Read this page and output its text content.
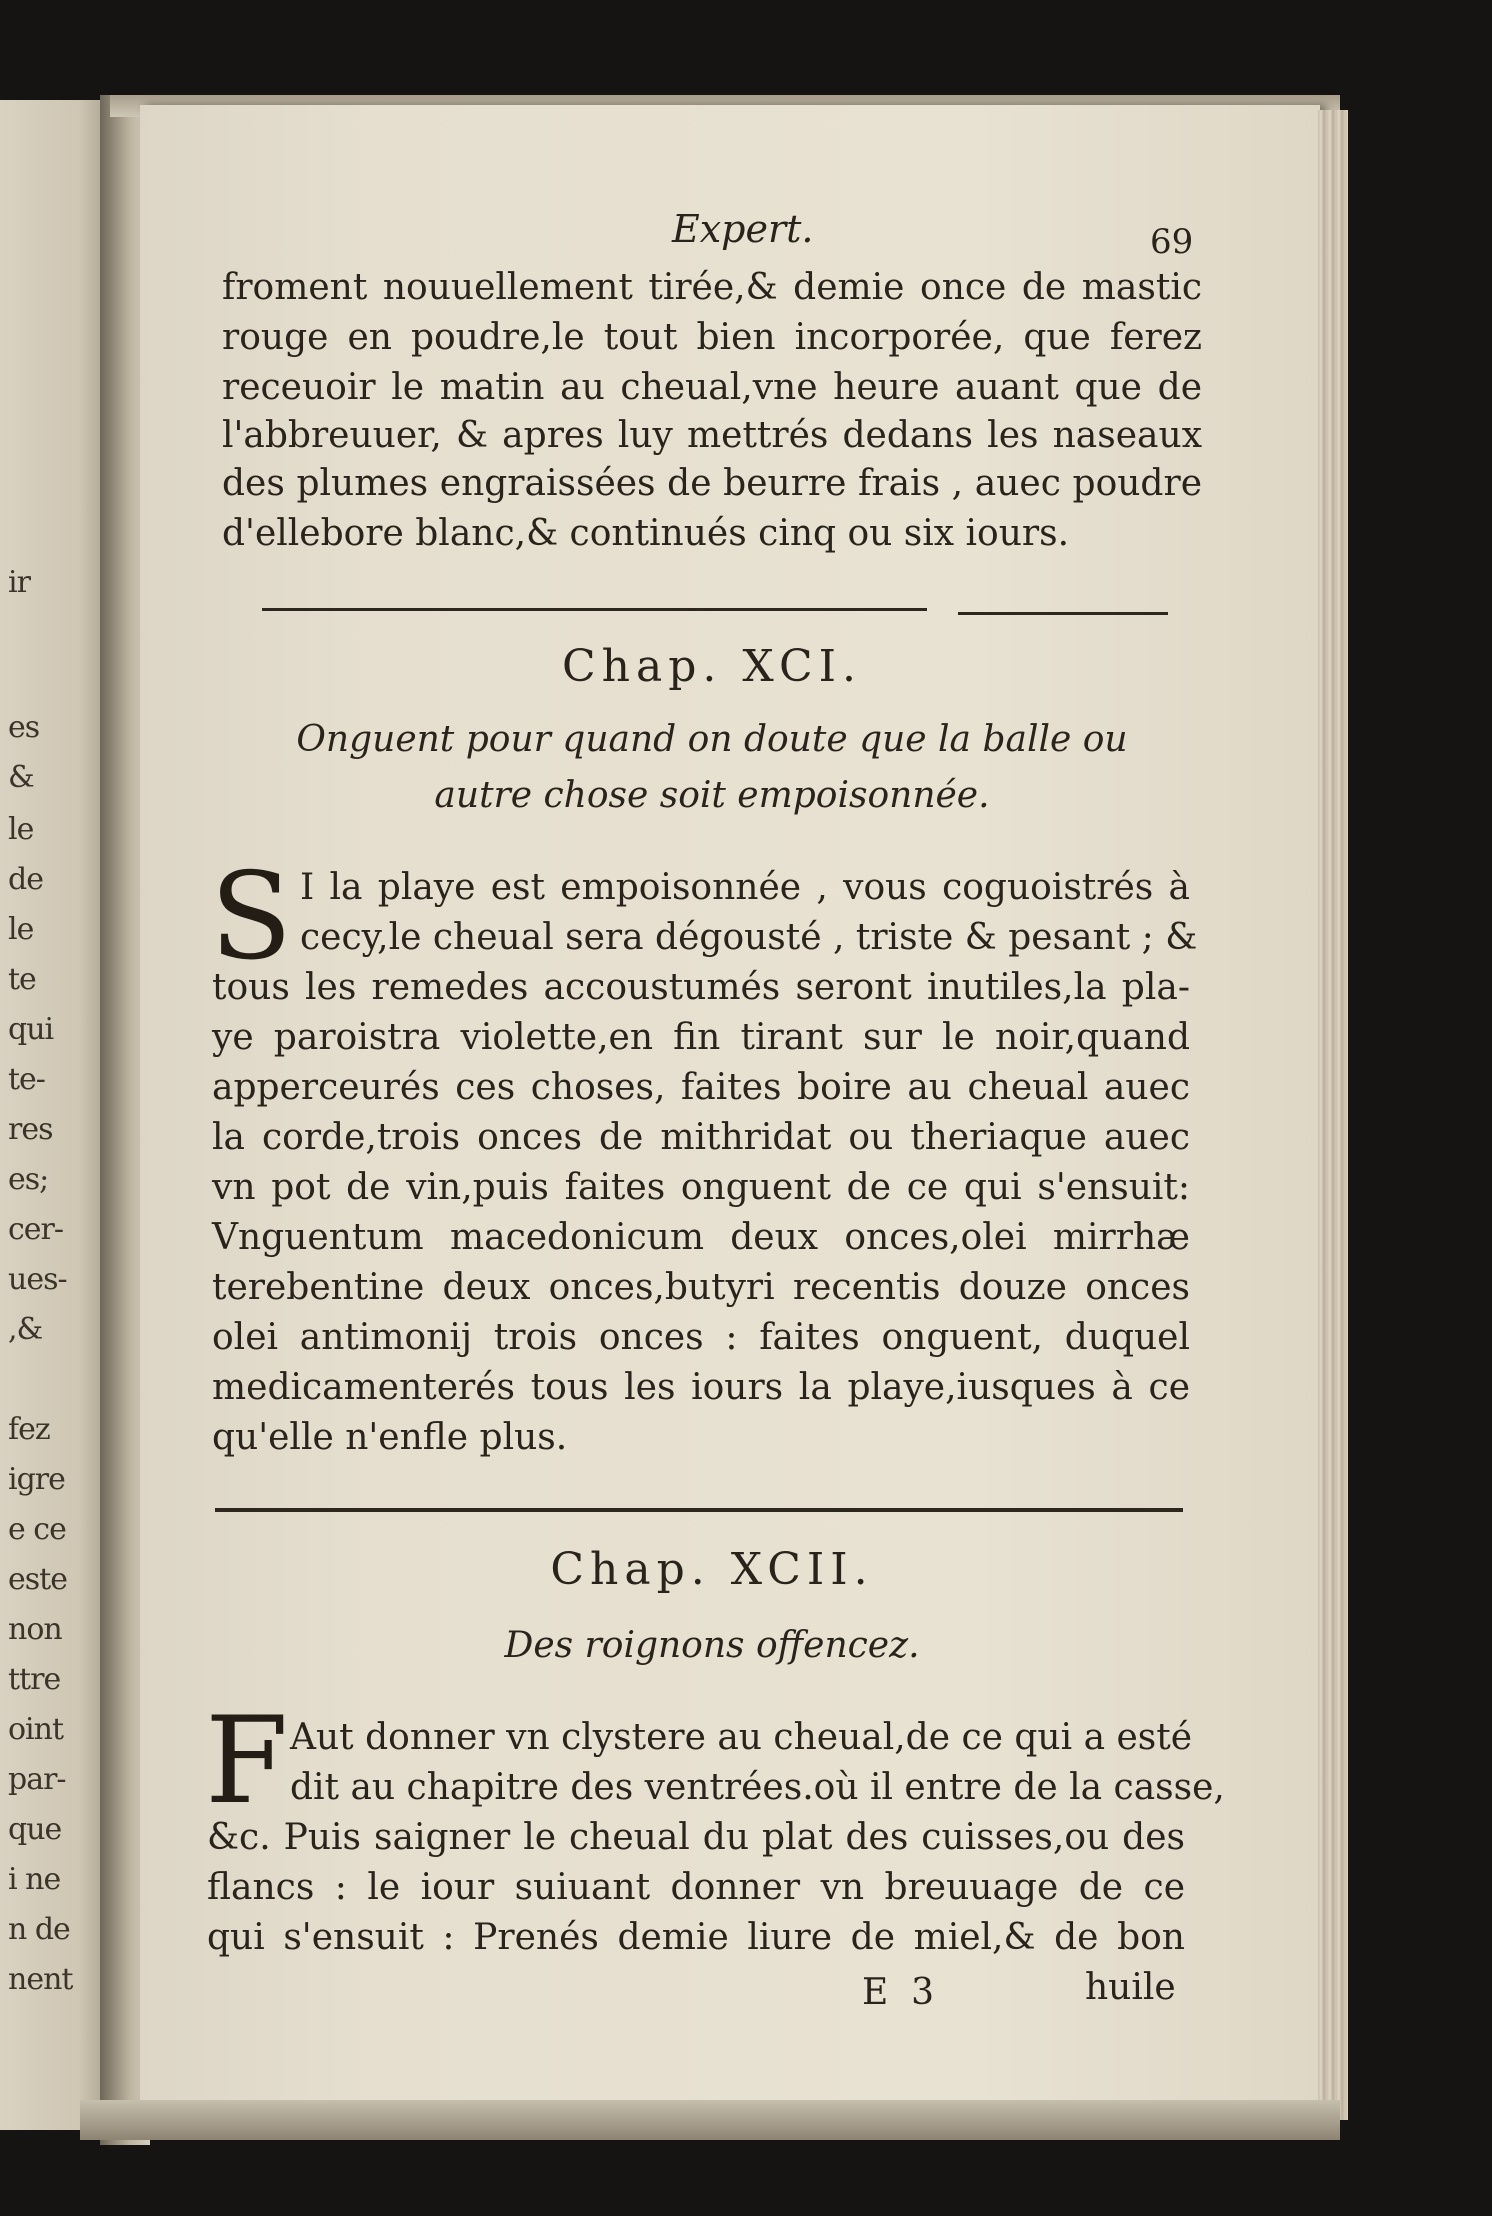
ir
es
&
le
de
le
te
qui
te-
res
es;
cer-
ues-
,&
fez
igre
e ce
este
non
ttre
oint
par-
que
i ne
n de
nent
Expert.	69
froment nouuellement tirée,& demie once de mastic
rouge en poudre,le tout bien incorporée, que ferez
receuoir le matin au cheual,vne heure auant que de
l'abbreuuer, & apres luy mettrés dedans les naseaux
des plumes engraissées de beurre frais , auec poudre
d'ellebore blanc,& continués cinq ou six iours.
Chap. XCI.
Onguent pour quand on doute que la balle ou
autre chose soit empoisonnée.
S I la playe est empoisonnée , vous coguoistrés à
cecy,le cheual sera dégousté , triste & pesant ; &
tous les remedes accoustumés seront inutiles,la pla-
ye paroistra violette,en fin tirant sur le noir,quand
apperceurés ces choses, faites boire au cheual auec
la corde,trois onces de mithridat ou theriaque auec
vn pot de vin,puis faites onguent de ce qui s'ensuit:
Vnguentum macedonicum deux onces,olei mirrhæ
terebentine deux onces,butyri recentis douze onces
olei antimonij trois onces : faites onguent, duquel
medicamenterés tous les iours la playe,iusques à ce
qu'elle n'enfle plus.
Chap. XCII.
Des roignons offencez.
F Aut donner vn clystere au cheual,de ce qui a esté
dit au chapitre des ventrées.où il entre de la casse,
&c. Puis saigner le cheual du plat des cuisses,ou des
flancs : le iour suiuant donner vn breuuage de ce
qui s'ensuit : Prenés demie liure de miel,& de bon
E  3	huile
